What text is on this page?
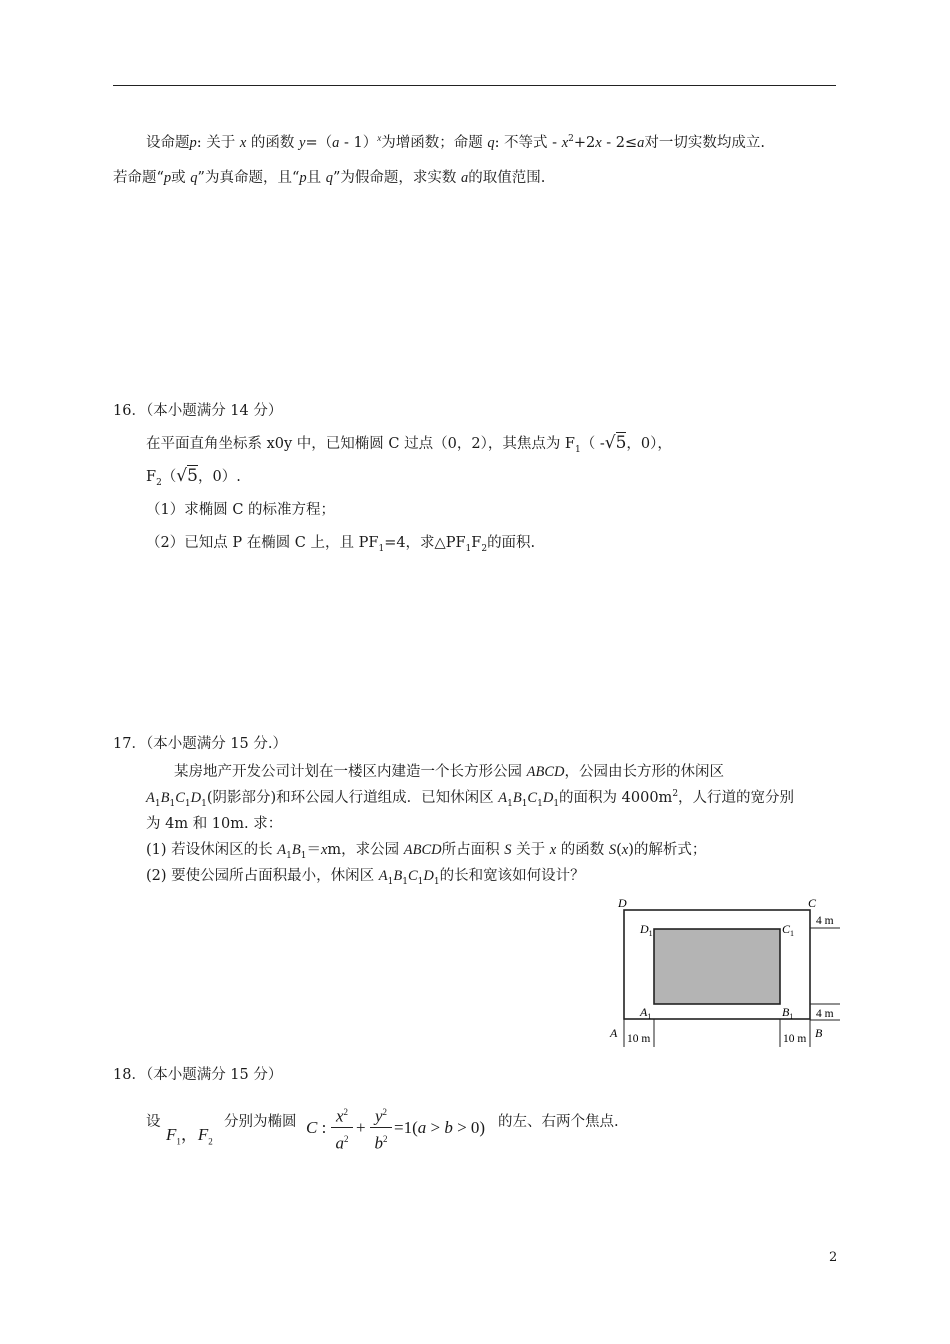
设命题p: 关于 x 的函数 y=（a - 1）$^x$为增函数；命题 q: 不等式 - $x^2+2x - 2\le a$对一切实数均成立.
若命题“p或 q”为真命题，且“p且 q”为假命题，求实数 a的取值范围.
16．（本小题满分 14 分）
在平面直角坐标系 x0y 中，已知椭圆 C 过点（0，2），其焦点为 $F_1$（ -√5，0），
$F_2(√5$，0）.
（1）求椭圆 C 的标准方程；
（2）已知点 P 在椭圆 C 上，且 $PF_1=4$，求$\triangle PF_1F_2$的面积.
17．（本小题满分 15 分.）
某房地产开发公司计划在一楼区内建造一个长方形公园 ABCD，公园由长方形的休闲区
$A_1B_1C_1D_1$(阴影部分)和环公园人行道组成．已知休闲区 $A_1B_1C_1D_1$的面积为 $4000m^2$，人行道的宽分别
为 4m 和 10m. 求：
(1) 若设休闲区的长 $A_1B_1=xm$，求公园 ABCD所占面积 S 关于 x 的函数 S(x)的解析式；
(2) 要使公园所占面积最小，休闲区 $A_1B_1C_1D_1$的长和宽该如何设计？
D	C
A	B
$D_1$	$C_1$
$A_1$	$B_1$
4 m
4 m
10 m	10 m
18．（本小题满分 15 分）
设
$F_1$，$F_2$
分别为椭圆 C :
$x^2$
$a^2$
+
$y^2$
$b^2$
=1(a > b > 0) 的左、右两个焦点.
2
